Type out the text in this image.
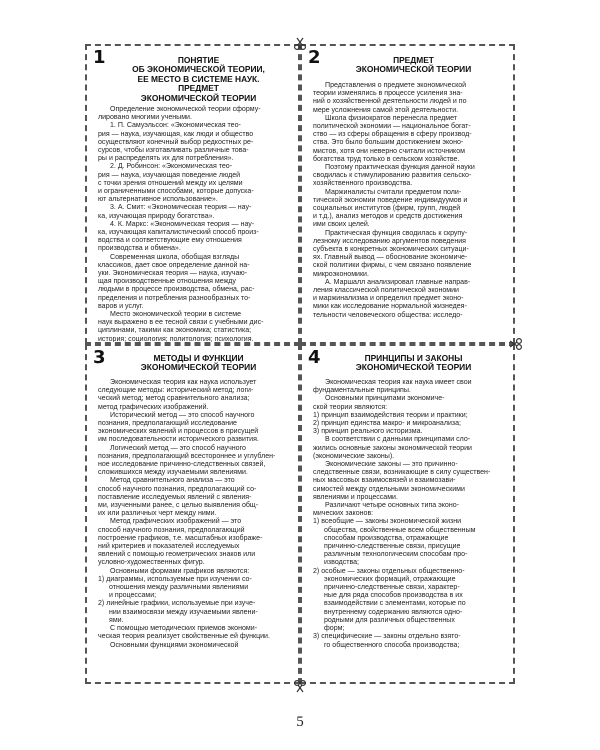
1	ПОНЯТИЕ
ОБ ЭКОНОМИЧЕСКОЙ ТЕОРИИ,
ЕЕ МЕСТО В СИСТЕМЕ НАУК.
ПРЕДМЕТ
ЭКОНОМИЧЕСКОЙ ТЕОРИИ
Определение экономической теории сформу-
лировано многими учеными.
1. П. Самуэльсон: «Экономическая тео-
рия — наука, изучающая, как люди и общество
осуществляют конечный выбор редкостных ре-
сурсов, чтобы изготавливать различные това-
ры и распределять их для потребления».
2. Д. Робинсон: «Экономическая тео-
рия — наука, изучающая поведение людей
с точки зрения отношений между их целями
и ограниченными способами, которые допуска-
ют альтернативное использование».
3. А. Смит: «Экономическая теория — нау-
ка, изучающая природу богатства».
4. К. Маркс: «Экономическая теория — нау-
ка, изучающая капиталистический способ произ-
водства и соответствующие ему отношения
производства и обмена».
Современная школа, обобщая взгляды
классиков, дает свое определение данной на-
уки. Экономическая теория — наука, изучаю-
щая производственные отношения между
людьми в процессе производства, обмена, рас-
пределения и потребления разнообразных то-
варов и услуг.
Место экономической теории в системе
наук выражено в ее тесной связи с учебными дис-
циплинами, такими как экономика; статистика;
история; социология; политология; психология.
2	ПРЕДМЕТ
ЭКОНОМИЧЕСКОЙ ТЕОРИИ
Представления о предмете экономической
теории изменялись в процессе усиления зна-
ний о хозяйственной деятельности людей и по
мере усложнения самой этой деятельности.
Школа физиократов перенесла предмет
политической экономии — национальное богат-
ство — из сферы обращения в сферу производ-
ства. Это было большим достижением эконо-
мистов, хотя они неверно считали источником
богатства труд только в сельском хозяйстве.
Поэтому практическая функция данной науки
сводилась к стимулированию развития сельско-
хозяйственного производства.
Маржиналисты считали предметом поли-
тической экономии поведение индивидуумов и
социальных институтов (фирм, групп, людей
и т.д.), анализ методов и средств достижения
ими своих целей.
Практическая функция сводилась к скрупу-
лезному исследованию аргументов поведения
субъекта в конкретных экономических ситуаци-
ях. Главный вывод — обоснование экономиче-
ской политики фирмы, с чем связано появление
микроэкономики.
А. Маршалл анализировал главные направ-
ления классической политической экономии
и маржинализма и определил предмет эконо-
мики как исследование нормальной жизнедея-
тельности человеческого общества: исследо-
3	МЕТОДЫ И ФУНКЦИИ
ЭКОНОМИЧЕСКОЙ ТЕОРИИ
Экономическая теория как наука использует
следующие методы: исторический метод; логи-
ческий метод; метод сравнительного анализа;
метод графических изображений.
Исторический метод — это способ научного
познания, предполагающий исследование
экономических явлений и процессов в присущей
им последовательности исторического развития.
Логический метод — это способ научного
познания, предполагающий всестороннее и углублен-
ное исследование причинно-следственных связей,
сложившихся между изучаемыми явлениями.
Метод сравнительного анализа — это
способ научного познания, предполагающий со-
поставление исследуемых явлений с явления-
ми, изученными ранее, с целью выявления общ-
их или различных черт между ними.
Метод графических изображений — это
способ научного познания, предполагающий
построение графиков, т.е. масштабных изображе-
ний критериев и показателей исследуемых
явлений с помощью геометрических знаков или
условно-художественных фигур.
Основными формами графиков являются:
1) диаграммы, используемые при изучении со-
отношения между различными явлениями
и процессами;
2) линейные графики, используемые при изуче-
нии взаимосвязи между изучаемыми явлени-
ями.
С помощью методических приемов экономи-
ческая теория реализует свойственные ей функции.
Основными функциями экономической
4	ПРИНЦИПЫ И ЗАКОНЫ
ЭКОНОМИЧЕСКОЙ ТЕОРИИ
Экономическая теория как наука имеет свои
фундаментальные принципы.
Основными принципами экономиче-
ской теории являются:
1) принцип взаимодействия теории и практики;
2) принцип единства макро- и микроанализа;
3) принцип реального историзма.
В соответствии с данными принципами сло-
жились основные законы экономической теории
(экономические законы).
Экономические законы — это причинно-
следственные связи, возникающие в силу существен-
ных массовых взаимосвязей и взаимозави-
симостей между отдельными экономическими
явлениями и процессами.
Различают четыре основных типа эконо-
мических законов:
1) всеобщие — законы экономической жизни
общества, свойственные всем общественным
способам производства, отражающие
причинно-следственные связи, присущие
различным технологическим способам про-
изводства;
2) особые — законы отдельных общественно-
экономических формаций, отражающие
причинно-следственные связи, характер-
ные для ряда способов производства в их
взаимодействии с элементами, которые по
внутреннему содержанию являются одно-
родными для различных общественных
форм;
3) специфические — законы отдельно взято-
го общественного способа производства;
5
